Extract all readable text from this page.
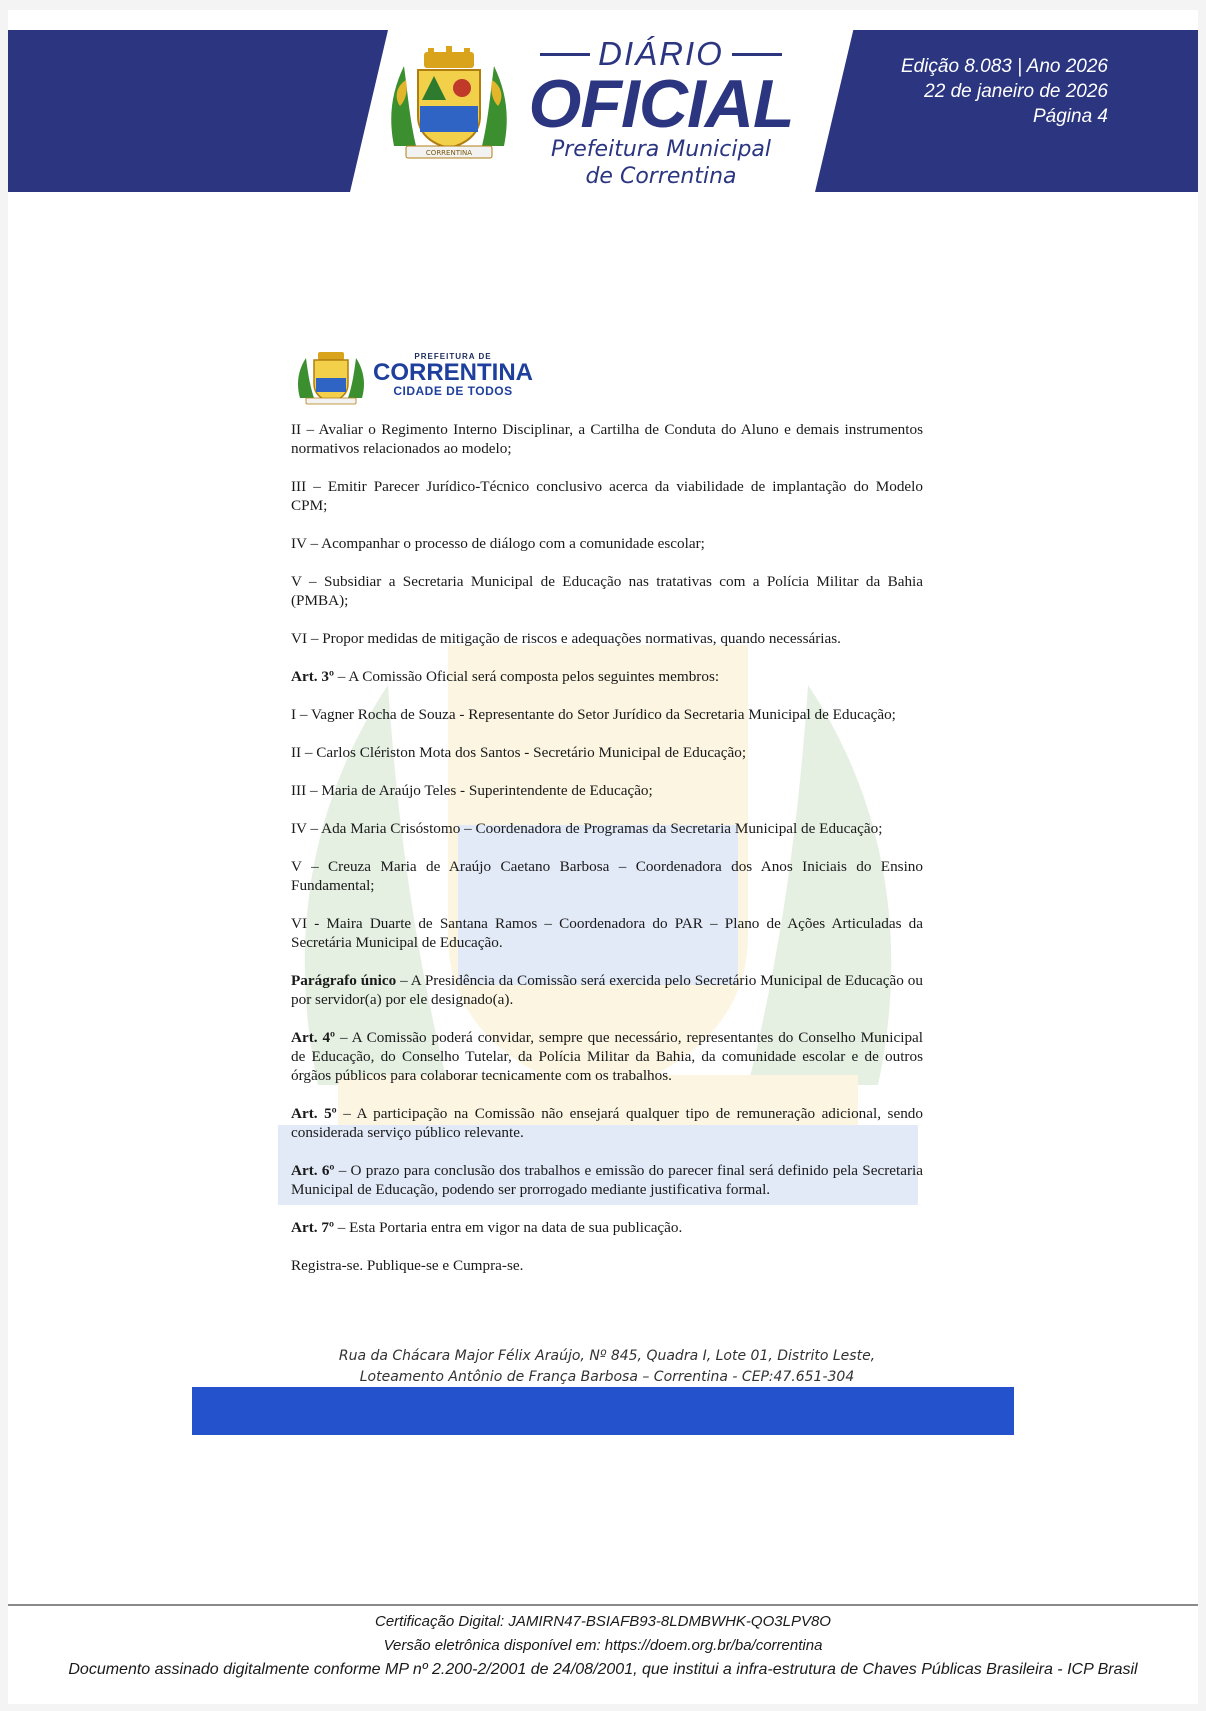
Edição 8.083 | Ano 2026
22 de janeiro de 2026
Página 4
CORRENTINA
DIÁRIO
OFICIAL
Prefeitura Municipal
de Correntina
PREFEITURA DE
CORRENTINA
CIDADE DE TODOS

II – Avaliar o Regimento Interno Disciplinar, a Cartilha de Conduta do Aluno e demais instrumentos normativos relacionados ao modelo;

III – Emitir Parecer Jurídico-Técnico conclusivo acerca da viabilidade de implantação do Modelo CPM;

IV – Acompanhar o processo de diálogo com a comunidade escolar;

V – Subsidiar a Secretaria Municipal de Educação nas tratativas com a Polícia Militar da Bahia (PMBA);

VI – Propor medidas de mitigação de riscos e adequações normativas, quando necessárias.

Art. 3º – A Comissão Oficial será composta pelos seguintes membros:

I – Vagner Rocha de Souza - Representante do Setor Jurídico da Secretaria Municipal de Educação;

II – Carlos Clériston Mota dos Santos - Secretário Municipal de Educação;

III – Maria de Araújo Teles - Superintendente de Educação;

IV – Ada Maria Crisóstomo – Coordenadora de Programas da Secretaria Municipal de Educação;

V – Creuza Maria de Araújo Caetano Barbosa – Coordenadora dos Anos Iniciais do Ensino Fundamental;

VI - Maira Duarte de Santana Ramos – Coordenadora do PAR – Plano de Ações Articuladas da Secretária Municipal de Educação.

Parágrafo único – A Presidência da Comissão será exercida pelo Secretário Municipal de Educação ou por servidor(a) por ele designado(a).

Art. 4º – A Comissão poderá convidar, sempre que necessário, representantes do Conselho Municipal de Educação, do Conselho Tutelar, da Polícia Militar da Bahia, da comunidade escolar e de outros órgãos públicos para colaborar tecnicamente com os trabalhos.

Art. 5º – A participação na Comissão não ensejará qualquer tipo de remuneração adicional, sendo considerada serviço público relevante.

Art. 6º – O prazo para conclusão dos trabalhos e emissão do parecer final será definido pela Secretaria Municipal de Educação, podendo ser prorrogado mediante justificativa formal.

Art. 7º – Esta Portaria entra em vigor na data de sua publicação.

Registra-se. Publique-se e Cumpra-se.

Rua da Chácara Major Félix Araújo, Nº 845, Quadra I, Lote 01, Distrito Leste,
Loteamento Antônio de França Barbosa – Correntina - CEP:47.651-304
Certificação Digital: JAMIRN47-BSIAFB93-8LDMBWHK-QO3LPV8O
Versão eletrônica disponível em: https://doem.org.br/ba/correntina
Documento assinado digitalmente conforme MP nº 2.200-2/2001 de 24/08/2001, que institui a infra-estrutura de Chaves Públicas Brasileira - ICP Brasil
